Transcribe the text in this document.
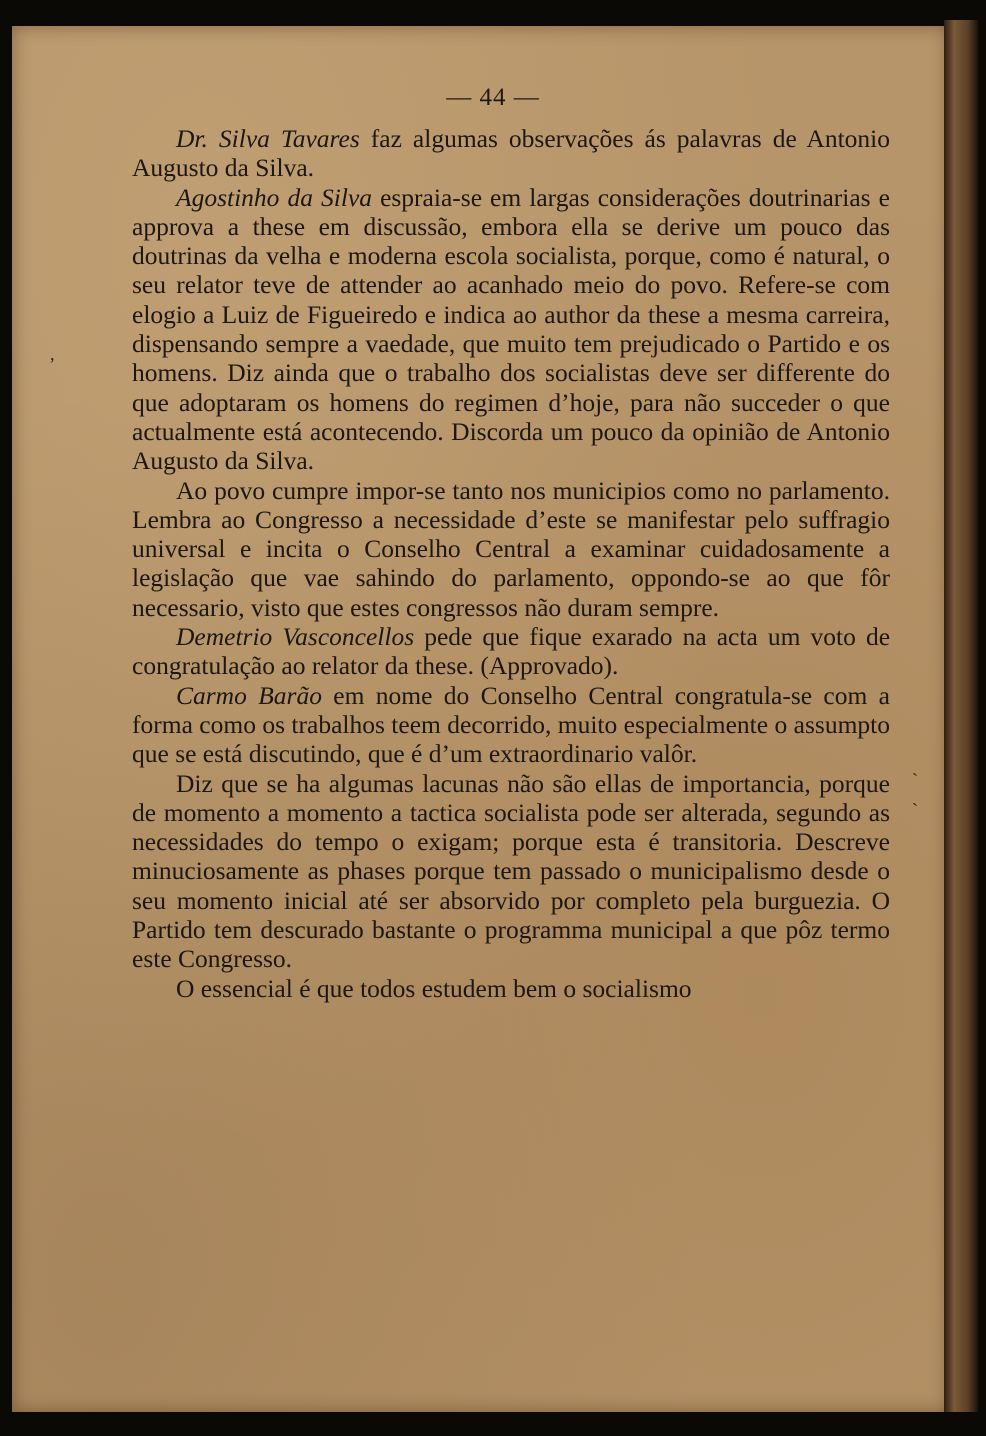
— 44 —

Dr. Silva Tavares faz algumas observações ás palavras de Antonio Augusto da Silva.

Agostinho da Silva espraia-se em largas considerações doutrinarias e approva a these em discussão, embora ella se derive um pouco das doutrinas da velha e moderna escola socialista, porque, como é natural, o seu relator teve de attender ao acanhado meio do povo. Refere-se com elogio a Luiz de Figueiredo e indica ao author da these a mesma carreira, dispensando sempre a vaedade, que muito tem prejudicado o Partido e os homens. Diz ainda que o trabalho dos socialistas deve ser differente do que adoptaram os homens do regimen d’hoje, para não succeder o que actualmente está acontecendo. Discorda um pouco da opinião de Antonio Augusto da Silva.

Ao povo cumpre impor-se tanto nos municipios como no parlamento. Lembra ao Congresso a necessidade d’este se manifestar pelo suffragio universal e incita o Conselho Central a examinar cuidadosamente a legislação que vae sahindo do parlamento, oppondo-se ao que fôr necessario, visto que estes congressos não duram sempre.

Demetrio Vasconcellos pede que fique exarado na acta um voto de congratulação ao relator da these. (Approvado).

Carmo Barão em nome do Conselho Central congratula-se com a forma como os trabalhos teem decorrido, muito especialmente o assumpto que se está discutindo, que é d’um extraordinario valôr.

Diz que se ha algumas lacunas não são ellas de importancia, porque de momento a momento a tactica socialista pode ser alterada, segundo as necessidades do tempo o exigam; porque esta é transitoria. Descreve minuciosamente as phases porque tem passado o municipalismo desde o seu momento inicial até ser absorvido por completo pela burguezia. O Partido tem descurado bastante o programma municipal a que pôz termo este Congresso.

O essencial é que todos estudem bem o socialismo

,
`
`
